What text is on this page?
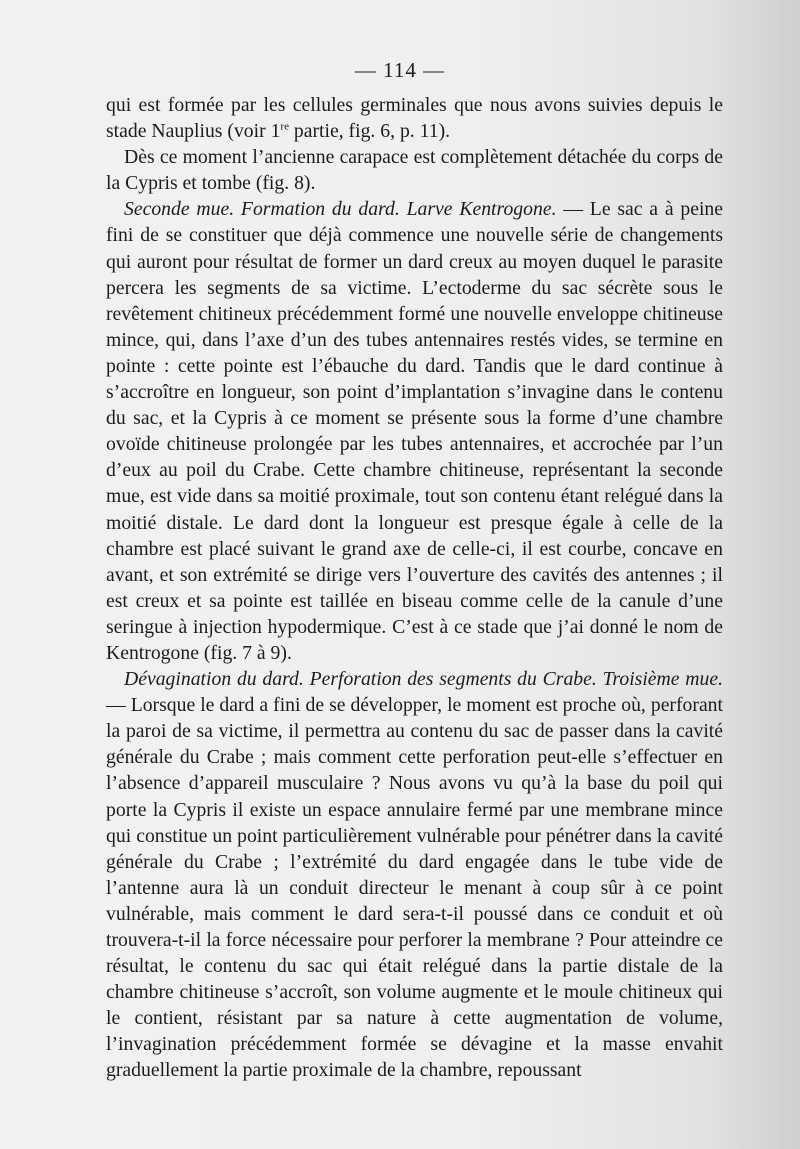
— 114 —

qui est formée par les cellules germinales que nous avons suivies depuis le stade Nauplius (voir 1re partie, fig. 6, p. 11).

Dès ce moment l’ancienne carapace est complètement détachée du corps de la Cypris et tombe (fig. 8).

Seconde mue. Formation du dard. Larve Kentrogone. — Le sac a à peine fini de se constituer que déjà commence une nouvelle série de changements qui auront pour résultat de former un dard creux au moyen duquel le parasite percera les segments de sa victime. L’ectoderme du sac sécrète sous le revêtement chitineux précédemment formé une nouvelle enveloppe chitineuse mince, qui, dans l’axe d’un des tubes antennaires restés vides, se termine en pointe : cette pointe est l’ébauche du dard. Tandis que le dard continue à s’accroître en longueur, son point d’implantation s’invagine dans le contenu du sac, et la Cypris à ce moment se présente sous la forme d’une chambre ovoïde chitineuse prolongée par les tubes antennaires, et accrochée par l’un d’eux au poil du Crabe. Cette chambre chitineuse, représentant la seconde mue, est vide dans sa moitié proximale, tout son contenu étant relégué dans la moitié distale. Le dard dont la longueur est presque égale à celle de la chambre est placé suivant le grand axe de celle-ci, il est courbe, concave en avant, et son extrémité se dirige vers l’ouverture des cavités des antennes ; il est creux et sa pointe est taillée en biseau comme celle de la canule d’une seringue à injection hypodermique. C’est à ce stade que j’ai donné le nom de Kentrogone (fig. 7 à 9).

Dévagination du dard. Perforation des segments du Crabe. Troisième mue. — Lorsque le dard a fini de se développer, le moment est proche où, perforant la paroi de sa victime, il permettra au contenu du sac de passer dans la cavité générale du Crabe ; mais comment cette perforation peut-elle s’effectuer en l’absence d’appareil musculaire ? Nous avons vu qu’à la base du poil qui porte la Cypris il existe un espace annulaire fermé par une membrane mince qui constitue un point particulièrement vulnérable pour pénétrer dans la cavité générale du Crabe ; l’extrémité du dard engagée dans le tube vide de l’antenne aura là un conduit directeur le menant à coup sûr à ce point vulnérable, mais comment le dard sera-t-il poussé dans ce conduit et où trouvera-t-il la force nécessaire pour perforer la membrane ? Pour atteindre ce résultat, le contenu du sac qui était relégué dans la partie distale de la chambre chitineuse s’accroît, son volume augmente et le moule chitineux qui le contient, résistant par sa nature à cette augmentation de volume, l’invagination précédemment formée se dévagine et la masse envahit graduellement la partie proximale de la chambre, repoussant
